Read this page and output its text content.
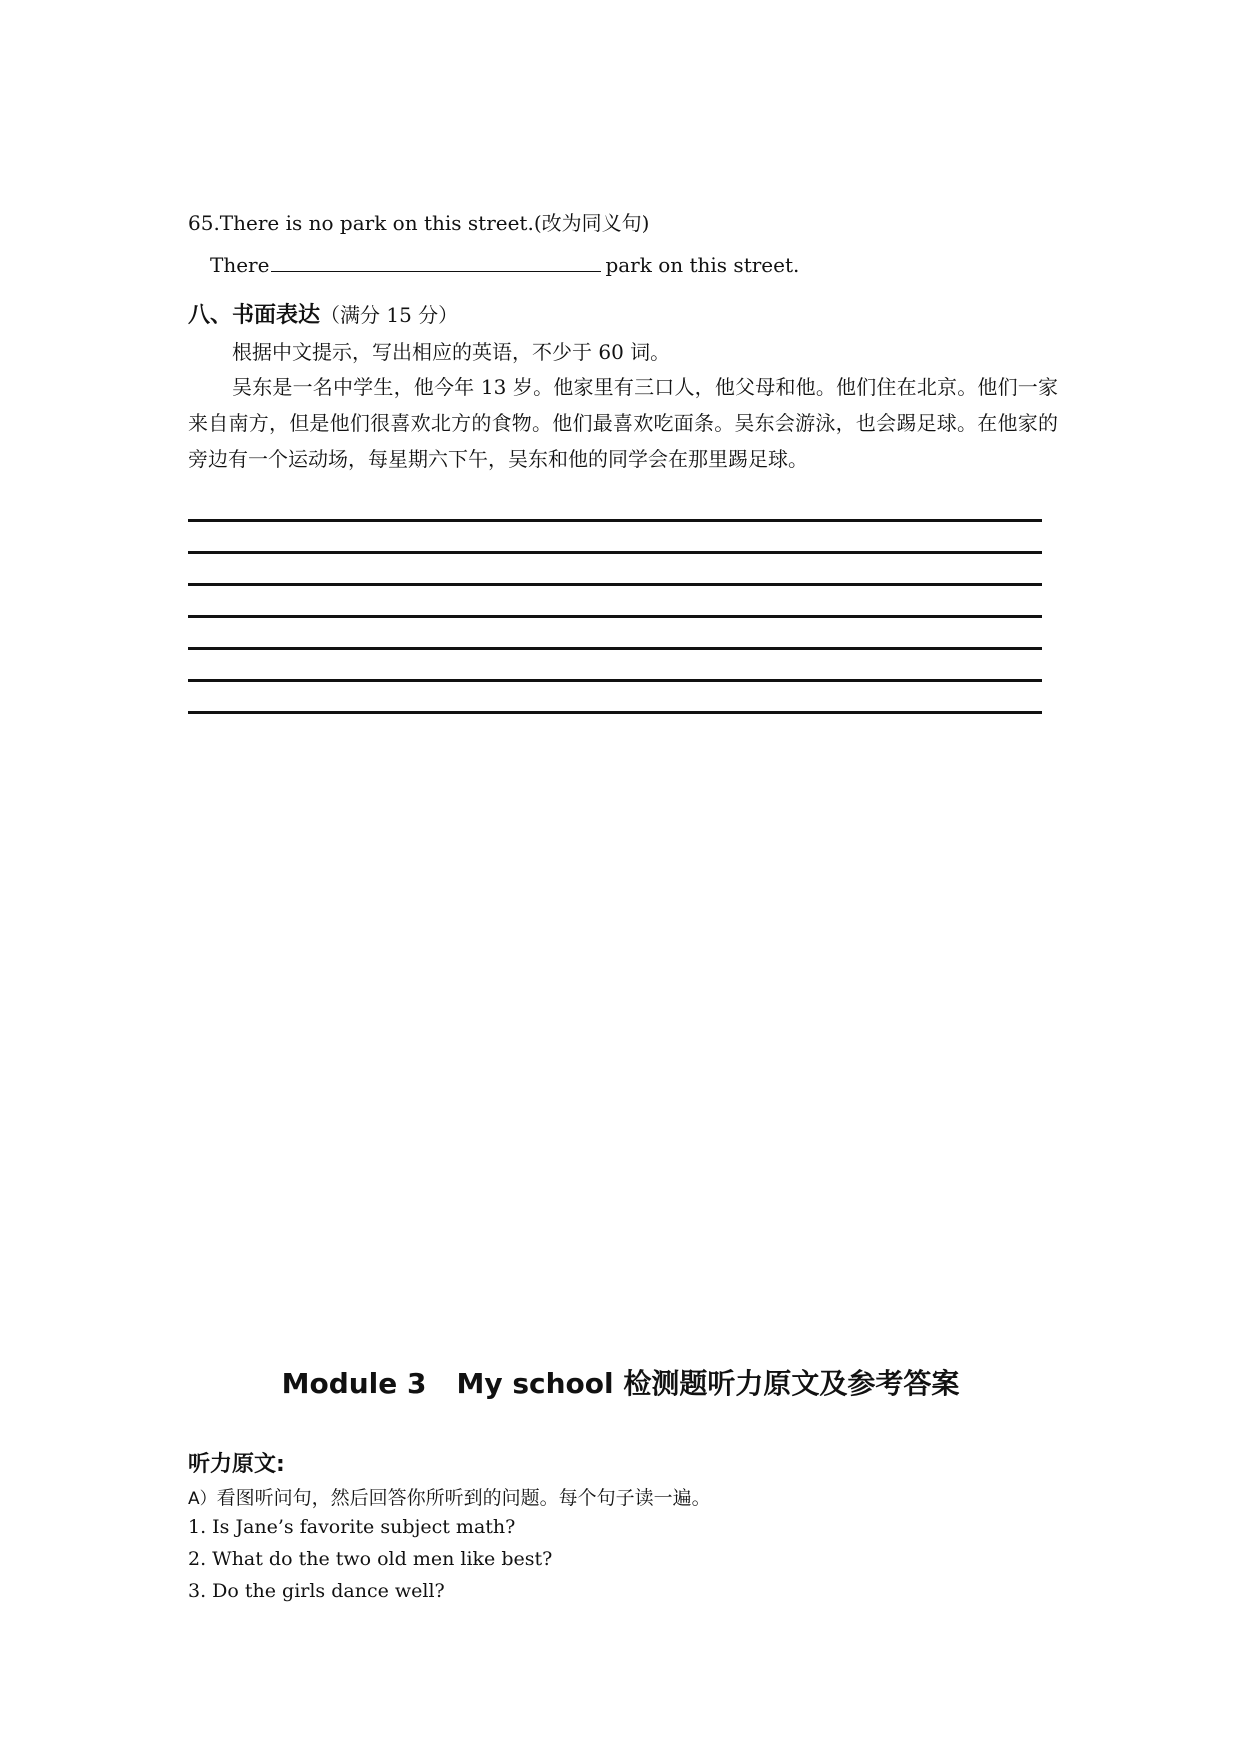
65.There is no park on this street.(改为同义句)
There	park on this street.
八、书面表达（满分 15 分）
根据中文提示，写出相应的英语，不少于 60 词。
吴东是一名中学生，他今年 13 岁。他家里有三口人，他父母和他。他们住在北京。他们一家来自南方，但是他们很喜欢北方的食物。他们最喜欢吃面条。吴东会游泳，也会踢足球。在他家的旁边有一个运动场，每星期六下午，吴东和他的同学会在那里踢足球。
Module 3 My school 检测题听力原文及参考答案
听力原文:
A）看图听问句，然后回答你所听到的问题。每个句子读一遍。
1. Is Jane’s favorite subject math?
2. What do the two old men like best?
3. Do the girls dance well?
